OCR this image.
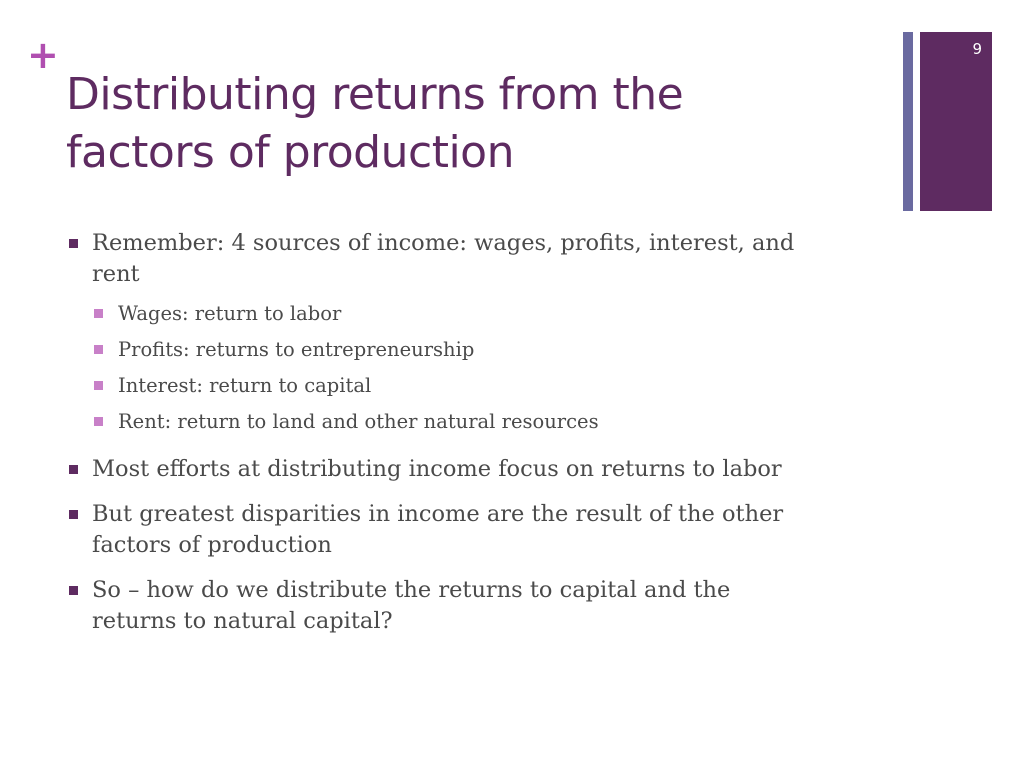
+
Distributing returns from the
factors of production
9
Remember: 4 sources of income: wages, profits, interest, and
rent
Wages: return to labor
Profits: returns to entrepreneurship
Interest: return to capital
Rent: return to land and other natural resources
Most efforts at distributing income focus on returns to labor
But greatest disparities in income are the result of the other
factors of production
So – how do we distribute the returns to capital and the
returns to natural capital?
